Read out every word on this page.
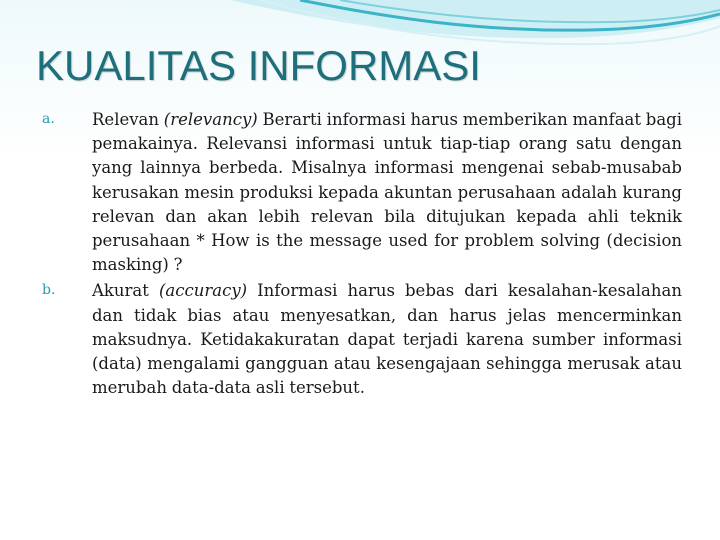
KUALITAS INFORMASI
a. Relevan (relevancy) Berarti informasi harus memberikan manfaat bagi pemakainya. Relevansi informasi untuk tiap-tiap orang satu dengan yang lainnya berbeda. Misalnya informasi mengenai sebab-musabab kerusakan mesin produksi kepada akuntan perusahaan adalah kurang relevan dan akan lebih relevan bila ditujukan kepada ahli teknik perusahaan * How is the message used for problem solving (decision masking) ?
b. Akurat (accuracy) Informasi harus bebas dari kesalahan-kesalahan dan tidak bias atau menyesatkan, dan harus jelas mencerminkan maksudnya. Ketidakakuratan dapat terjadi karena sumber informasi (data) mengalami gangguan atau kesengajaan sehingga merusak atau merubah data-data asli tersebut.
